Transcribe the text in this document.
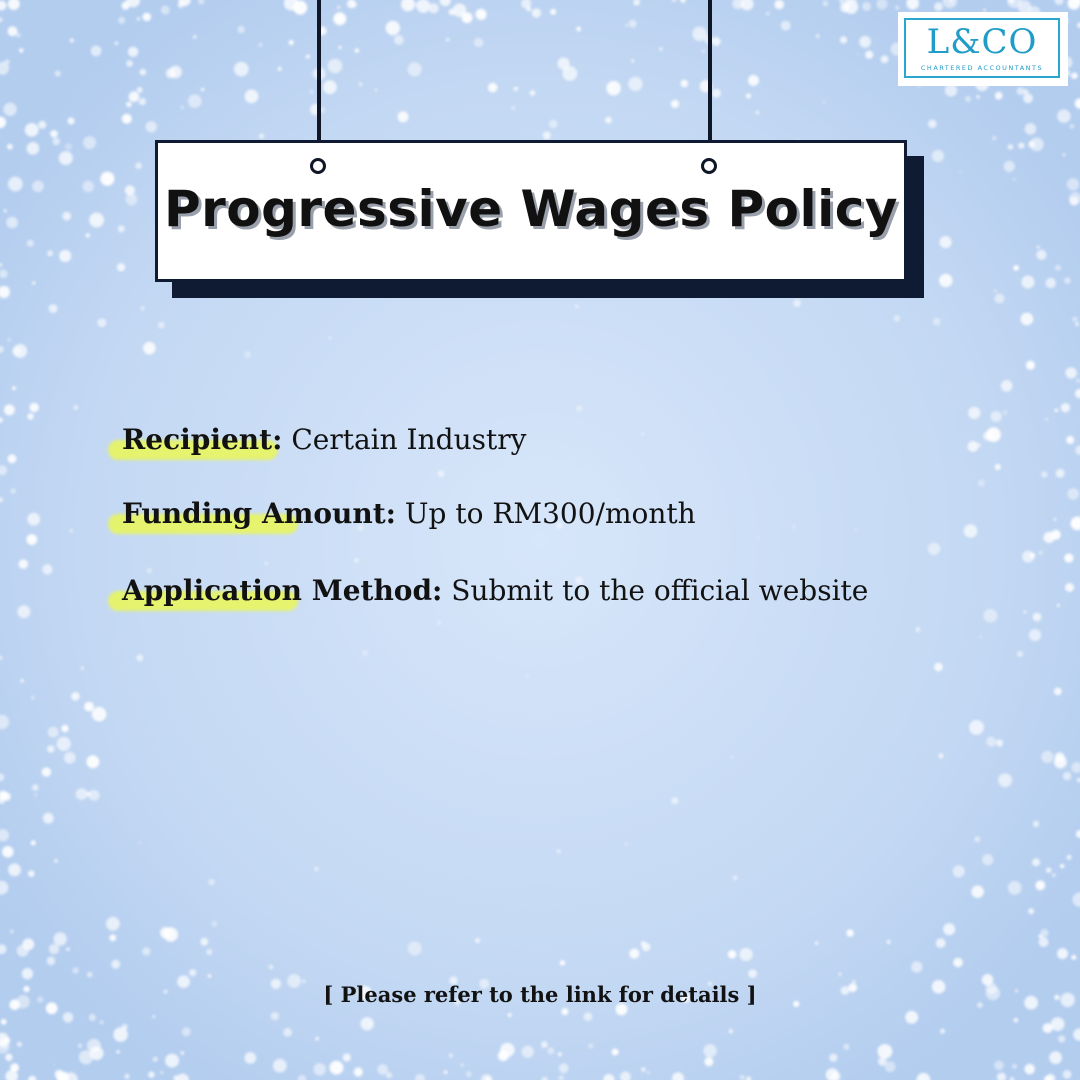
L&CO
CHARTERED ACCOUNTANTS
Progressive Wages Policy
Recipient: Certain Industry
Funding Amount: Up to RM300/month
Application Method: Submit to the official website
[ Please refer to the link for details ]
